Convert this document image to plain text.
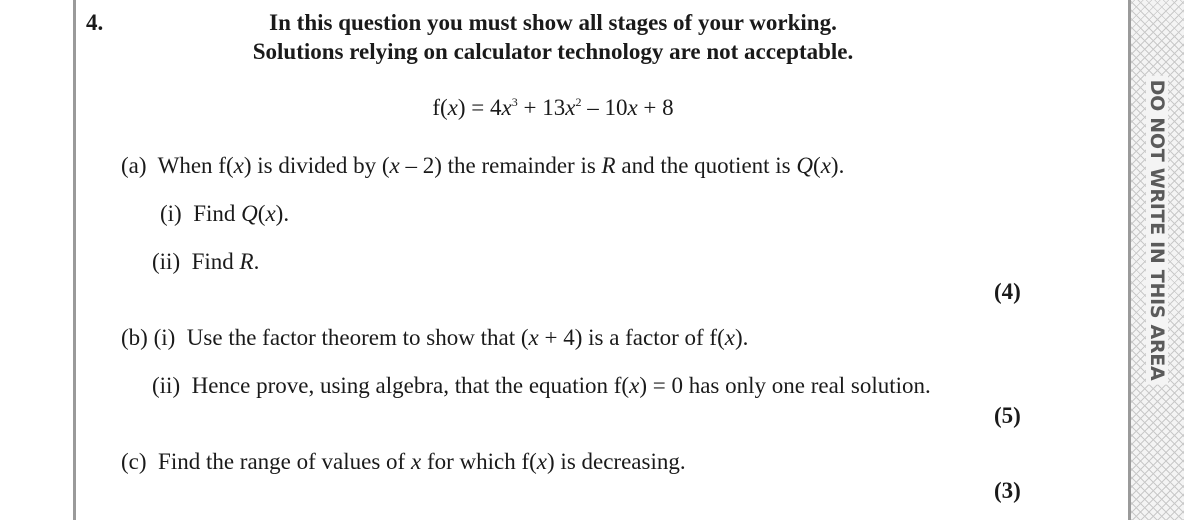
DO NOT WRITE IN THIS AREA
4.	In this question you must show all stages of your working.
Solutions relying on calculator technology are not acceptable.
$f(x) = 4x^3 + 13x^2 - 10x + 8$
(a) When f(x) is divided by (x – 2) the remainder is R and the quotient is Q(x).
(i) Find Q(x).
(ii) Find R.
(4)
(b) (i) Use the factor theorem to show that (x + 4) is a factor of f(x).
(ii) Hence prove, using algebra, that the equation f(x) = 0 has only one real solution.
(5)
(c) Find the range of values of x for which f(x) is decreasing.
(3)
